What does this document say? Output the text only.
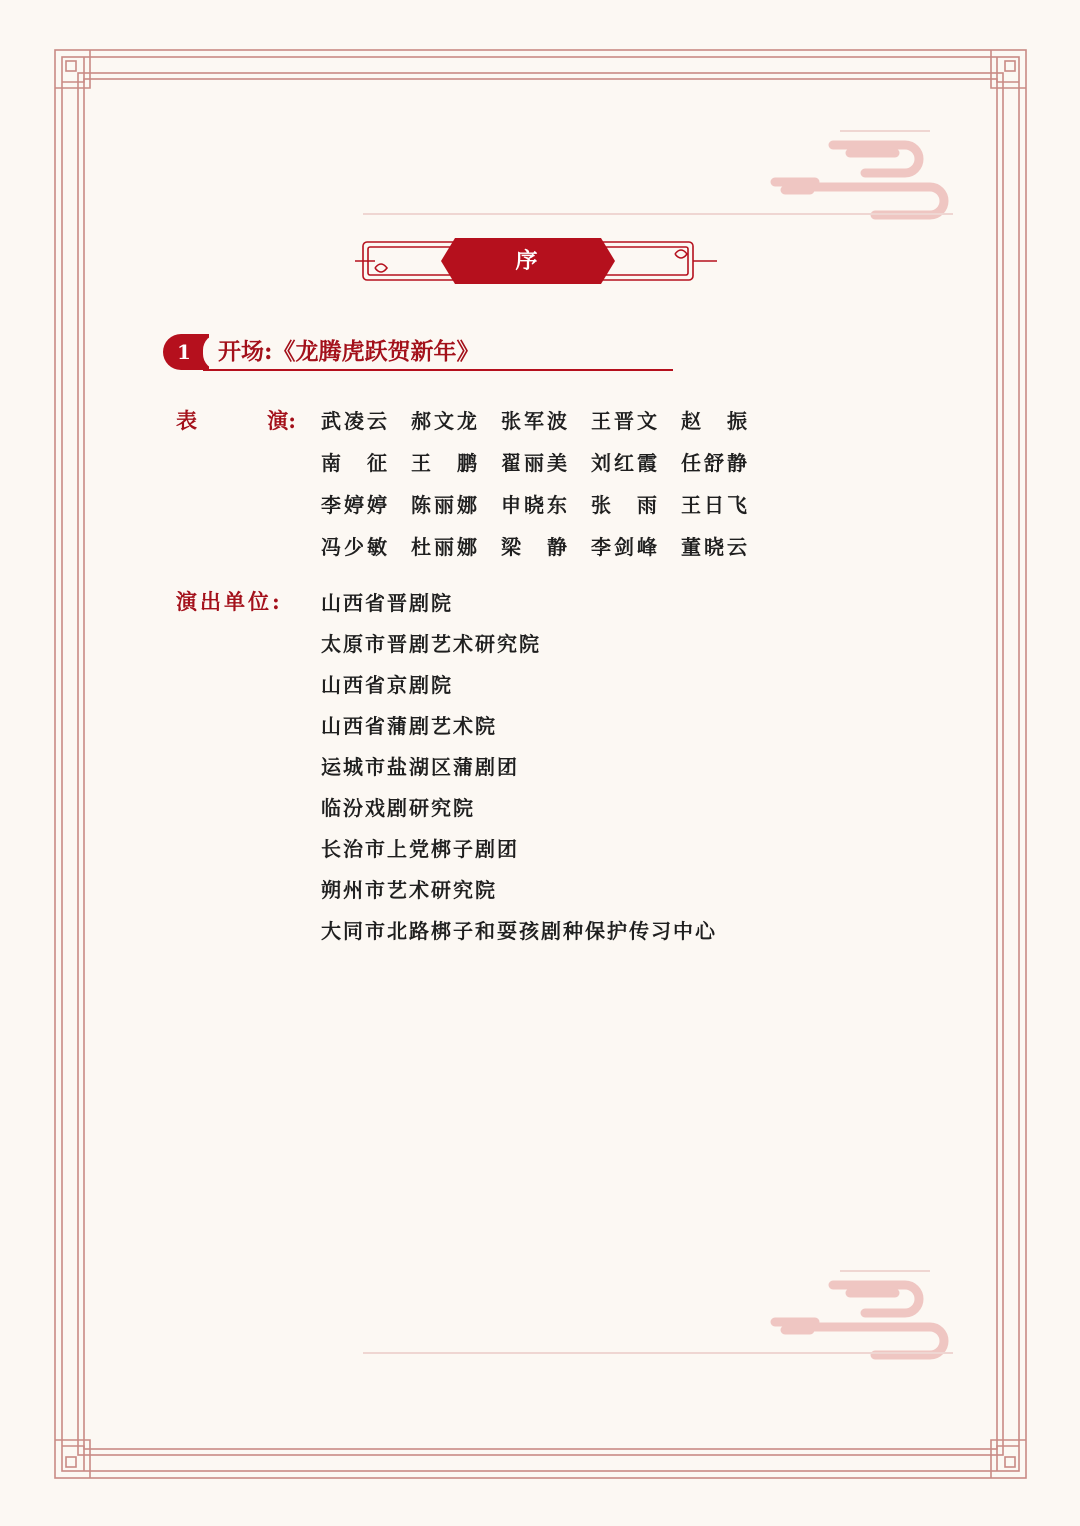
序
1	开场:《龙腾虎跃贺新年》
表	演: 武凌云	郝文龙	张军波	王晋文	赵　振
南　征	王　鹏	翟丽美	刘红霞	任舒静
李婷婷	陈丽娜	申晓东	张　雨	王日飞
冯少敏	杜丽娜	梁　静	李剑峰	董晓云
演出单位: 山西省晋剧院
太原市晋剧艺术研究院
山西省京剧院
山西省蒲剧艺术院
运城市盐湖区蒲剧团
临汾戏剧研究院
长治市上党梆子剧团
朔州市艺术研究院
大同市北路梆子和耍孩剧种保护传习中心
